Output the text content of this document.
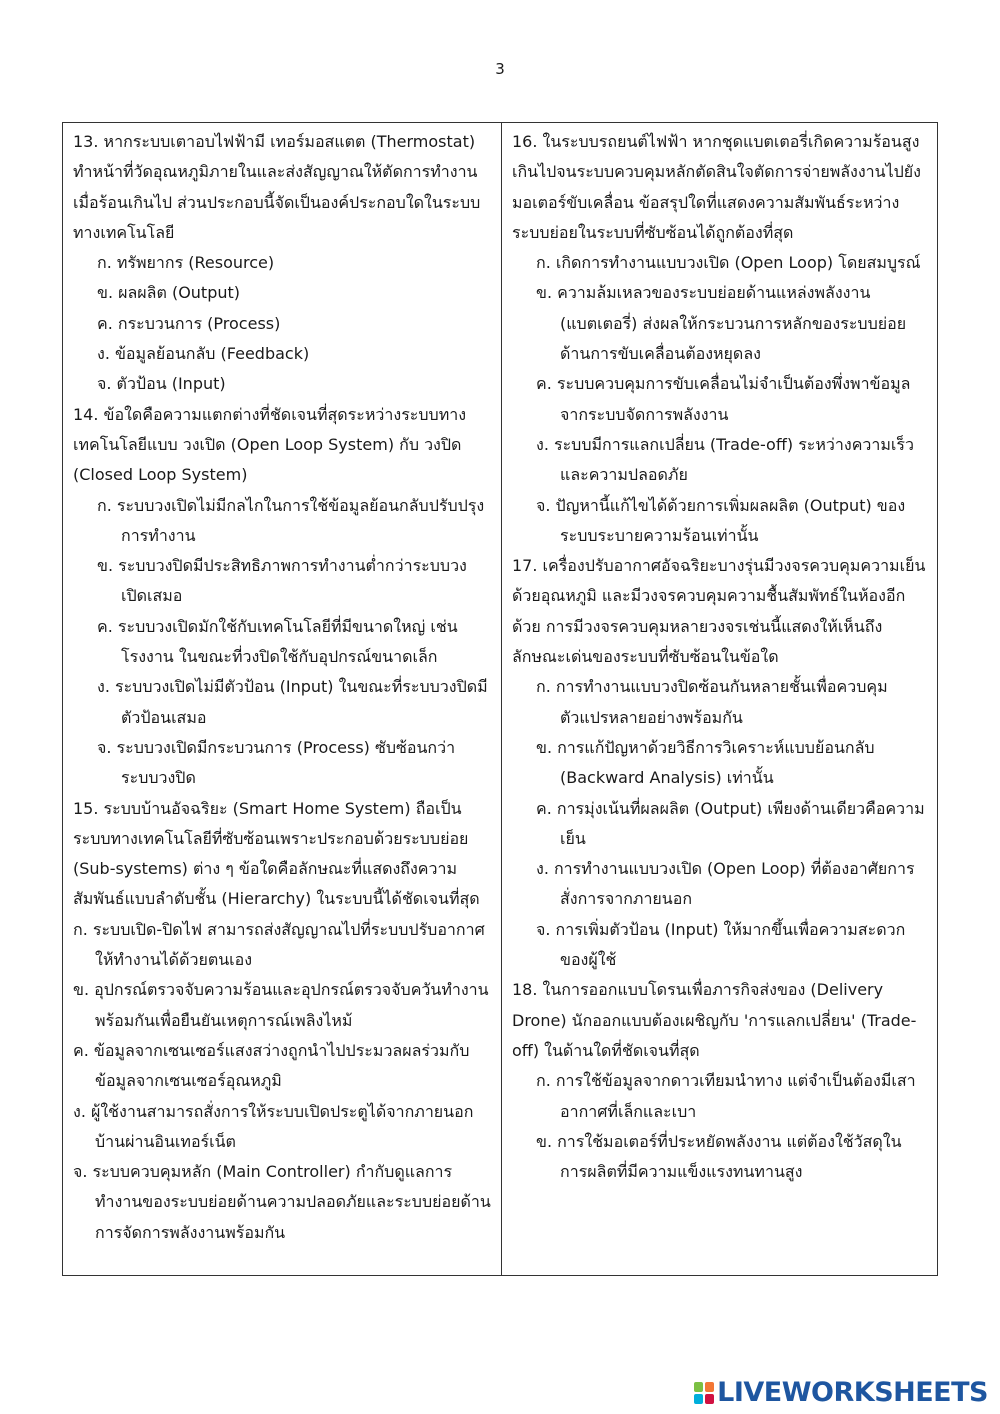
3

13. หากระบบเตาอบไฟฟ้ามี เทอร์มอสแตต (Thermostat) ทำหน้าที่วัดอุณหภูมิภายในและส่งสัญญาณให้ตัดการทำงานเมื่อร้อนเกินไป ส่วนประกอบนี้จัดเป็นองค์ประกอบใดในระบบทางเทคโนโลยี

ก. ทรัพยากร (Resource)

ข. ผลผลิต (Output)

ค. กระบวนการ (Process)

ง. ข้อมูลย้อนกลับ (Feedback)

จ. ตัวป้อน (Input)

14. ข้อใดคือความแตกต่างที่ชัดเจนที่สุดระหว่างระบบทางเทคโนโลยีแบบ วงเปิด (Open Loop System) กับ วงปิด (Closed Loop System)

ก. ระบบวงเปิดไม่มีกลไกในการใช้ข้อมูลย้อนกลับปรับปรุงการทำงาน

ข. ระบบวงปิดมีประสิทธิภาพการทำงานต่ำกว่าระบบวงเปิดเสมอ

ค. ระบบวงเปิดมักใช้กับเทคโนโลยีที่มีขนาดใหญ่ เช่น โรงงาน ในขณะที่วงปิดใช้กับอุปกรณ์ขนาดเล็ก

ง. ระบบวงเปิดไม่มีตัวป้อน (Input) ในขณะที่ระบบวงปิดมีตัวป้อนเสมอ

จ. ระบบวงเปิดมีกระบวนการ (Process) ซับซ้อนกว่าระบบวงปิด

15. ระบบบ้านอัจฉริยะ (Smart Home System) ถือเป็นระบบทางเทคโนโลยีที่ซับซ้อนเพราะประกอบด้วยระบบย่อย (Sub-systems) ต่าง ๆ ข้อใดคือลักษณะที่แสดงถึงความสัมพันธ์แบบลำดับชั้น (Hierarchy) ในระบบนี้ได้ชัดเจนที่สุด

ก. ระบบเปิด-ปิดไฟ สามารถส่งสัญญาณไปที่ระบบปรับอากาศให้ทำงานได้ด้วยตนเอง

ข. อุปกรณ์ตรวจจับความร้อนและอุปกรณ์ตรวจจับควันทำงานพร้อมกันเพื่อยืนยันเหตุการณ์เพลิงไหม้

ค. ข้อมูลจากเซนเซอร์แสงสว่างถูกนำไปประมวลผลร่วมกับข้อมูลจากเซนเซอร์อุณหภูมิ

ง. ผู้ใช้งานสามารถสั่งการให้ระบบเปิดประตูได้จากภายนอกบ้านผ่านอินเทอร์เน็ต

จ. ระบบควบคุมหลัก (Main Controller) กำกับดูแลการทำงานของระบบย่อยด้านความปลอดภัยและระบบย่อยด้านการจัดการพลังงานพร้อมกัน

16. ในระบบรถยนต์ไฟฟ้า หากชุดแบตเตอรี่เกิดความร้อนสูงเกินไปจนระบบควบคุมหลักตัดสินใจตัดการจ่ายพลังงานไปยังมอเตอร์ขับเคลื่อน ข้อสรุปใดที่แสดงความสัมพันธ์ระหว่างระบบย่อยในระบบที่ซับซ้อนได้ถูกต้องที่สุด

ก. เกิดการทำงานแบบวงเปิด (Open Loop) โดยสมบูรณ์

ข. ความล้มเหลวของระบบย่อยด้านแหล่งพลังงาน (แบตเตอรี่) ส่งผลให้กระบวนการหลักของระบบย่อยด้านการขับเคลื่อนต้องหยุดลง

ค. ระบบควบคุมการขับเคลื่อนไม่จำเป็นต้องพึ่งพาข้อมูลจากระบบจัดการพลังงาน

ง. ระบบมีการแลกเปลี่ยน (Trade-off) ระหว่างความเร็วและความปลอดภัย

จ. ปัญหานี้แก้ไขได้ด้วยการเพิ่มผลผลิต (Output) ของระบบระบายความร้อนเท่านั้น

17. เครื่องปรับอากาศอัจฉริยะบางรุ่นมีวงจรควบคุมความเย็นด้วยอุณหภูมิ และมีวงจรควบคุมความชื้นสัมพัทธ์ในห้องอีกด้วย การมีวงจรควบคุมหลายวงจรเช่นนี้แสดงให้เห็นถึงลักษณะเด่นของระบบที่ซับซ้อนในข้อใด

ก. การทำงานแบบวงปิดซ้อนกันหลายชั้นเพื่อควบคุมตัวแปรหลายอย่างพร้อมกัน

ข. การแก้ปัญหาด้วยวิธีการวิเคราะห์แบบย้อนกลับ (Backward Analysis) เท่านั้น

ค. การมุ่งเน้นที่ผลผลิต (Output) เพียงด้านเดียวคือความเย็น

ง. การทำงานแบบวงเปิด (Open Loop) ที่ต้องอาศัยการสั่งการจากภายนอก

จ. การเพิ่มตัวป้อน (Input) ให้มากขึ้นเพื่อความสะดวกของผู้ใช้

18. ในการออกแบบโดรนเพื่อภารกิจส่งของ (Delivery Drone) นักออกแบบต้องเผชิญกับ 'การแลกเปลี่ยน' (Trade-off) ในด้านใดที่ชัดเจนที่สุด

ก. การใช้ข้อมูลจากดาวเทียมนำทาง แต่จำเป็นต้องมีเสาอากาศที่เล็กและเบา

ข. การใช้มอเตอร์ที่ประหยัดพลังงาน แต่ต้องใช้วัสดุในการผลิตที่มีความแข็งแรงทนทานสูง

LIVEWORKSHEETS
